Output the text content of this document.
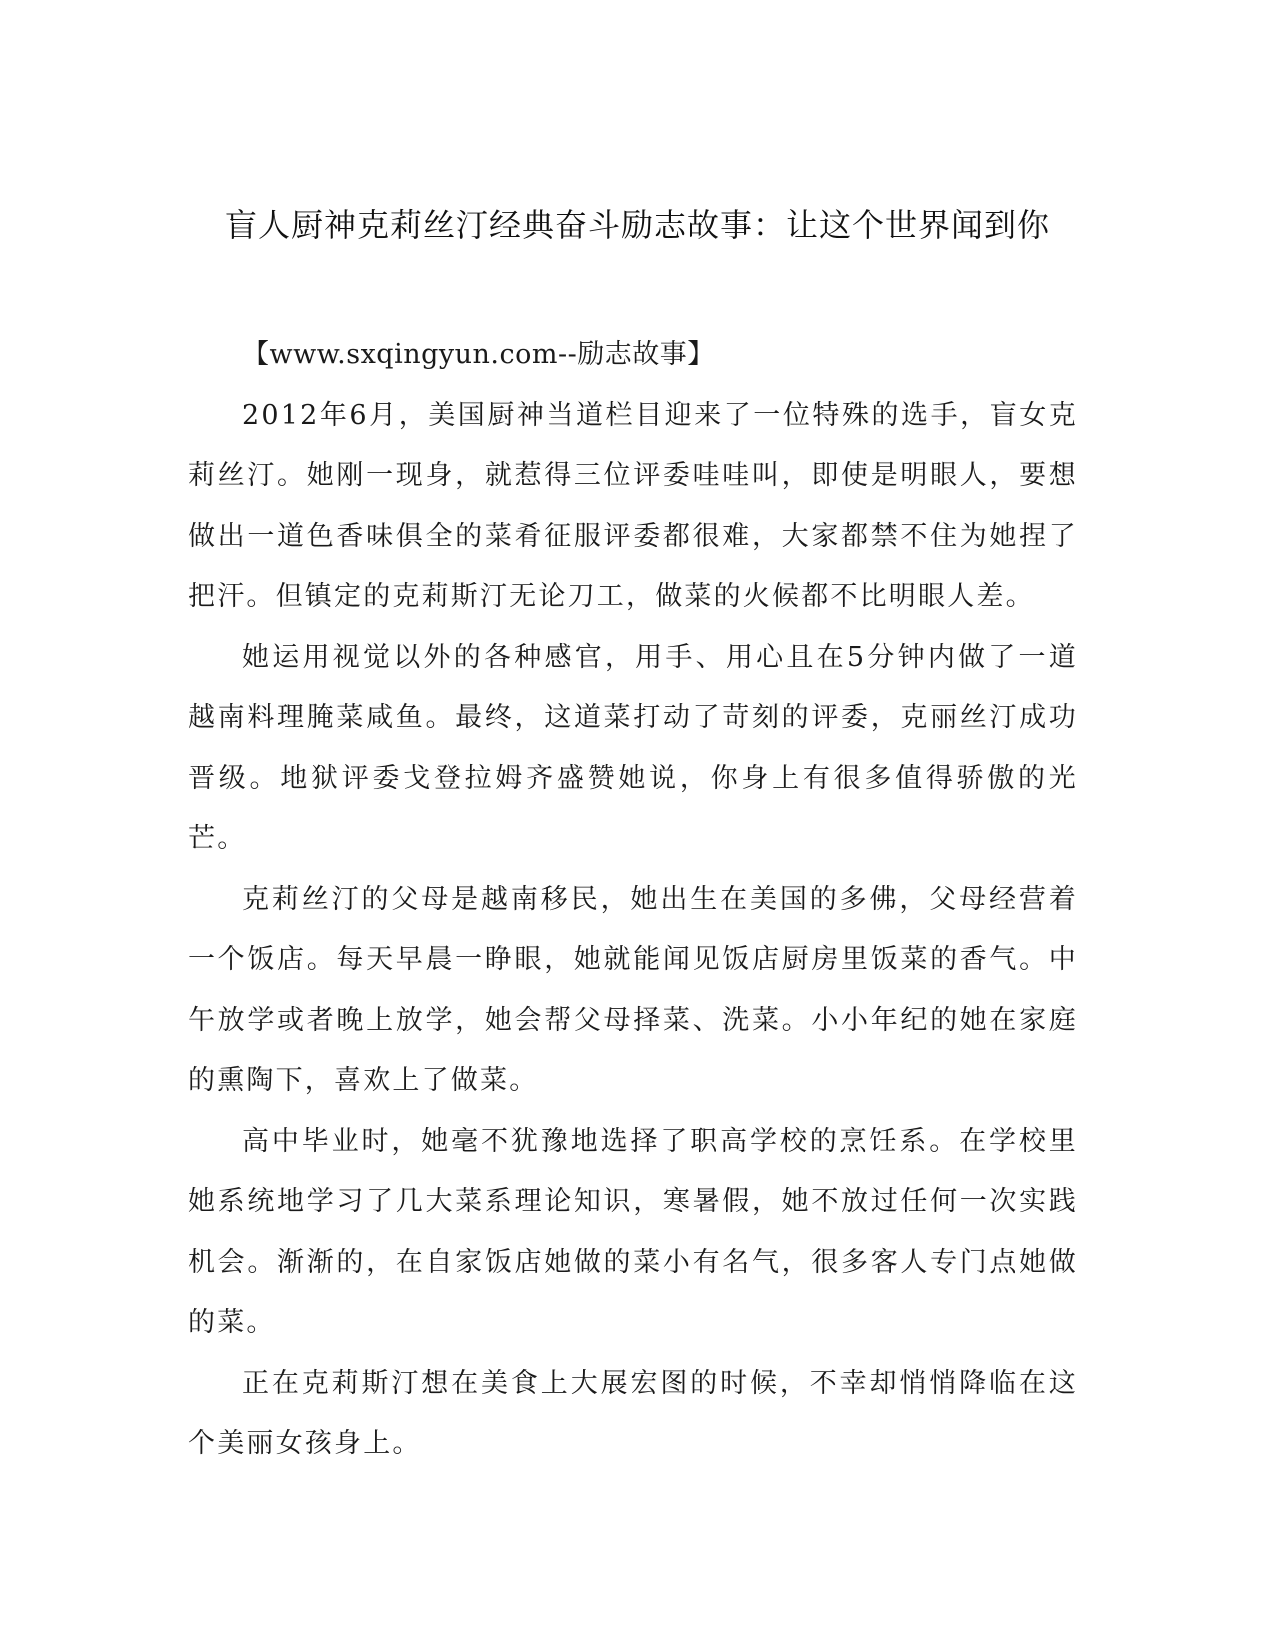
盲人厨神克莉丝汀经典奋斗励志故事：让这个世界闻到你

【www.sxqingyun.com--励志故事】

2012年6月，美国厨神当道栏目迎来了一位特殊的选手，盲女克莉丝汀。她刚一现身，就惹得三位评委哇哇叫，即使是明眼人，要想做出一道色香味俱全的菜肴征服评委都很难，大家都禁不住为她捏了把汗。但镇定的克莉斯汀无论刀工，做菜的火候都不比明眼人差。

她运用视觉以外的各种感官，用手、用心且在5分钟内做了一道越南料理腌菜咸鱼。最终，这道菜打动了苛刻的评委，克丽丝汀成功晋级。地狱评委戈登拉姆齐盛赞她说，你身上有很多值得骄傲的光芒。

克莉丝汀的父母是越南移民，她出生在美国的多佛，父母经营着一个饭店。每天早晨一睁眼，她就能闻见饭店厨房里饭菜的香气。中午放学或者晚上放学，她会帮父母择菜、洗菜。小小年纪的她在家庭的熏陶下，喜欢上了做菜。

高中毕业时，她毫不犹豫地选择了职高学校的烹饪系。在学校里她系统地学习了几大菜系理论知识，寒暑假，她不放过任何一次实践机会。渐渐的，在自家饭店她做的菜小有名气，很多客人专门点她做的菜。

正在克莉斯汀想在美食上大展宏图的时候，不幸却悄悄降临在这个美丽女孩身上。
